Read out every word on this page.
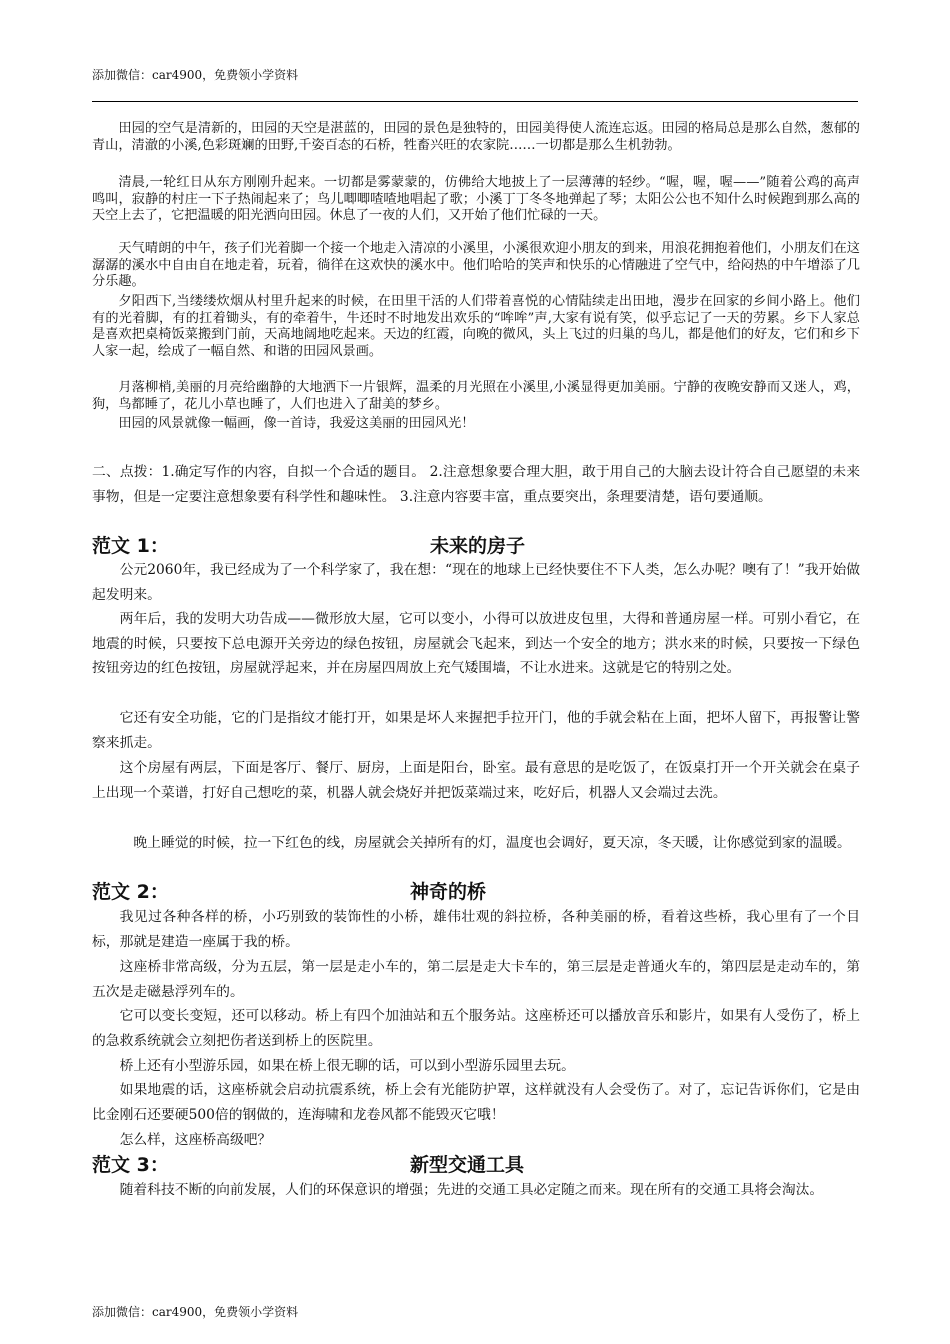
添加微信：car4900，免费领小学资料

田园的空气是清新的，田园的天空是湛蓝的，田园的景色是独特的，田园美得使人流连忘返。田园的格局总是那么自然，葱郁的青山，清澈的小溪,色彩斑斓的田野,千姿百态的石桥，牲畜兴旺的农家院……一切都是那么生机勃勃。

清晨,一轮红日从东方刚刚升起来。一切都是雾蒙蒙的，仿佛给大地披上了一层薄薄的轻纱。“喔，喔，喔——”随着公鸡的高声鸣叫，寂静的村庄一下子热闹起来了；鸟儿唧唧喳喳地唱起了歌；小溪丁丁冬冬地弹起了琴；太阳公公也不知什么时候跑到那么高的天空上去了，它把温暖的阳光洒向田园。休息了一夜的人们，又开始了他们忙碌的一天。

天气晴朗的中午，孩子们光着脚一个接一个地走入清凉的小溪里，小溪很欢迎小朋友的到来，用浪花拥抱着他们，小朋友们在这潺潺的溪水中自由自在地走着，玩着，徜徉在这欢快的溪水中。他们哈哈的笑声和快乐的心情融进了空气中，给闷热的中午增添了几分乐趣。

夕阳西下,当缕缕炊烟从村里升起来的时候，在田里干活的人们带着喜悦的心情陆续走出田地，漫步在回家的乡间小路上。他们有的光着脚，有的扛着锄头，有的牵着牛，牛还时不时地发出欢乐的“哞哞”声,大家有说有笑，似乎忘记了一天的劳累。乡下人家总是喜欢把桌椅饭菜搬到门前，天高地阔地吃起来。天边的红霞，向晚的微风，头上飞过的归巢的鸟儿，都是他们的好友，它们和乡下人家一起，绘成了一幅自然、和谐的田园风景画。

月落柳梢,美丽的月亮给幽静的大地洒下一片银辉，温柔的月光照在小溪里,小溪显得更加美丽。宁静的夜晚安静而又迷人，鸡，狗，鸟都睡了，花儿小草也睡了，人们也进入了甜美的梦乡。

田园的风景就像一幅画，像一首诗，我爱这美丽的田园风光！

二、点拨：1.确定写作的内容，自拟一个合适的题目。 2.注意想象要合理大胆，敢于用自己的大脑去设计符合自己愿望的未来事物，但是一定要注意想象要有科学性和趣味性。 3.注意内容要丰富，重点要突出，条理要清楚，语句要通顺。

范文 1：	未来的房子

公元2060年，我已经成为了一个科学家了，我在想：“现在的地球上已经快要住不下人类，怎么办呢？噢有了！”我开始做起发明来。

两年后，我的发明大功告成——微形放大屋，它可以变小，小得可以放进皮包里，大得和普通房屋一样。可别小看它，在地震的时候，只要按下总电源开关旁边的绿色按钮，房屋就会飞起来，到达一个安全的地方；洪水来的时候，只要按一下绿色按钮旁边的红色按钮，房屋就浮起来，并在房屋四周放上充气矮围墙，不让水进来。这就是它的特别之处。

它还有安全功能，它的门是指纹才能打开，如果是坏人来握把手拉开门，他的手就会粘在上面，把坏人留下，再报警让警察来抓走。

这个房屋有两层，下面是客厅、餐厅、厨房，上面是阳台，卧室。最有意思的是吃饭了，在饭桌打开一个开关就会在桌子上出现一个菜谱，打好自己想吃的菜，机器人就会烧好并把饭菜端过来，吃好后，机器人又会端过去洗。

晚上睡觉的时候，拉一下红色的线，房屋就会关掉所有的灯，温度也会调好，夏天凉，冬天暖，让你感觉到家的温暖。

范文 2：	神奇的桥

我见过各种各样的桥，小巧别致的装饰性的小桥，雄伟壮观的斜拉桥，各种美丽的桥，看着这些桥，我心里有了一个目标，那就是建造一座属于我的桥。

这座桥非常高级，分为五层，第一层是走小车的，第二层是走大卡车的，第三层是走普通火车的，第四层是走动车的，第五次是走磁悬浮列车的。

它可以变长变短，还可以移动。桥上有四个加油站和五个服务站。这座桥还可以播放音乐和影片，如果有人受伤了，桥上的急救系统就会立刻把伤者送到桥上的医院里。

桥上还有小型游乐园，如果在桥上很无聊的话，可以到小型游乐园里去玩。

如果地震的话，这座桥就会启动抗震系统，桥上会有光能防护罩，这样就没有人会受伤了。对了，忘记告诉你们，它是由比金刚石还要硬500倍的钢做的，连海啸和龙卷风都不能毁灭它哦！

怎么样，这座桥高级吧？

范文 3：	新型交通工具

随着科技不断的向前发展，人们的环保意识的增强；先进的交通工具必定随之而来。现在所有的交通工具将会淘汰。

添加微信：car4900，免费领小学资料
